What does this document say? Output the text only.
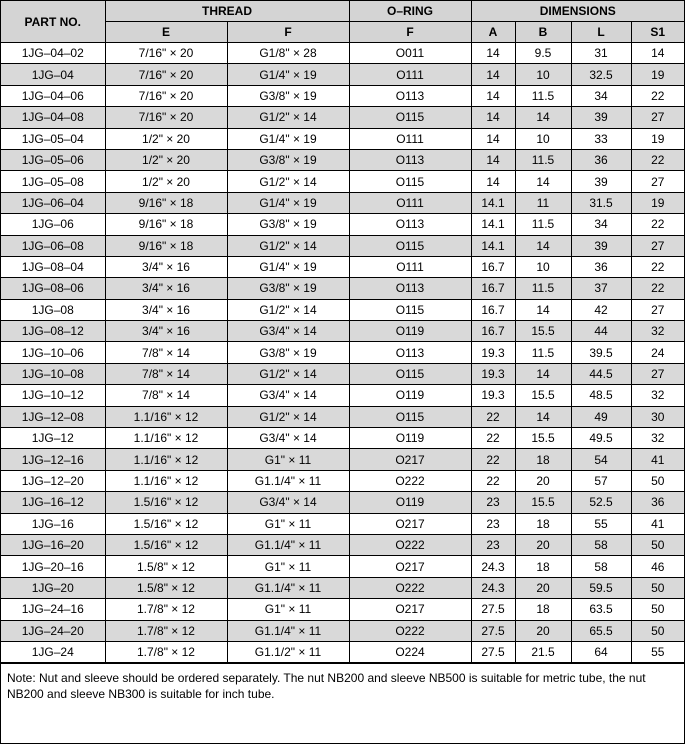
PART NO.	THREAD		O–RING	DIMENSIONS			
	E	F	F	A	B	L	S1
1JG–04–02	7/16" × 20	G1/8" × 28	O011	14	9.5	31	14
1JG–04	7/16" × 20	G1/4" × 19	O111	14	10	32.5	19
1JG–04–06	7/16" × 20	G3/8" × 19	O113	14	11.5	34	22
1JG–04–08	7/16" × 20	G1/2" × 14	O115	14	14	39	27
1JG–05–04	1/2" × 20	G1/4" × 19	O111	14	10	33	19
1JG–05–06	1/2" × 20	G3/8" × 19	O113	14	11.5	36	22
1JG–05–08	1/2" × 20	G1/2" × 14	O115	14	14	39	27
1JG–06–04	9/16" × 18	G1/4" × 19	O111	14.1	11	31.5	19
1JG–06	9/16" × 18	G3/8" × 19	O113	14.1	11.5	34	22
1JG–06–08	9/16" × 18	G1/2" × 14	O115	14.1	14	39	27
1JG–08–04	3/4" × 16	G1/4" × 19	O111	16.7	10	36	22
1JG–08–06	3/4" × 16	G3/8" × 19	O113	16.7	11.5	37	22
1JG–08	3/4" × 16	G1/2" × 14	O115	16.7	14	42	27
1JG–08–12	3/4" × 16	G3/4" × 14	O119	16.7	15.5	44	32
1JG–10–06	7/8" × 14	G3/8" × 19	O113	19.3	11.5	39.5	24
1JG–10–08	7/8" × 14	G1/2" × 14	O115	19.3	14	44.5	27
1JG–10–12	7/8" × 14	G3/4" × 14	O119	19.3	15.5	48.5	32
1JG–12–08	1.1/16" × 12	G1/2" × 14	O115	22	14	49	30
1JG–12	1.1/16" × 12	G3/4" × 14	O119	22	15.5	49.5	32
1JG–12–16	1.1/16" × 12	G1" × 11	O217	22	18	54	41
1JG–12–20	1.1/16" × 12	G1.1/4" × 11	O222	22	20	57	50
1JG–16–12	1.5/16" × 12	G3/4" × 14	O119	23	15.5	52.5	36
1JG–16	1.5/16" × 12	G1" × 11	O217	23	18	55	41
1JG–16–20	1.5/16" × 12	G1.1/4" × 11	O222	23	20	58	50
1JG–20–16	1.5/8" × 12	G1" × 11	O217	24.3	18	58	46
1JG–20	1.5/8" × 12	G1.1/4" × 11	O222	24.3	20	59.5	50
1JG–24–16	1.7/8" × 12	G1" × 11	O217	27.5	18	63.5	50
1JG–24–20	1.7/8" × 12	G1.1/4" × 11	O222	27.5	20	65.5	50
1JG–24	1.7/8" × 12	G1.1/2" × 11	O224	27.5	21.5	64	55
Note: Nut and sleeve should be ordered separately. The nut NB200 and sleeve NB500 is suitable for metric tube, the nut NB200 and sleeve NB300 is suitable for inch tube.
